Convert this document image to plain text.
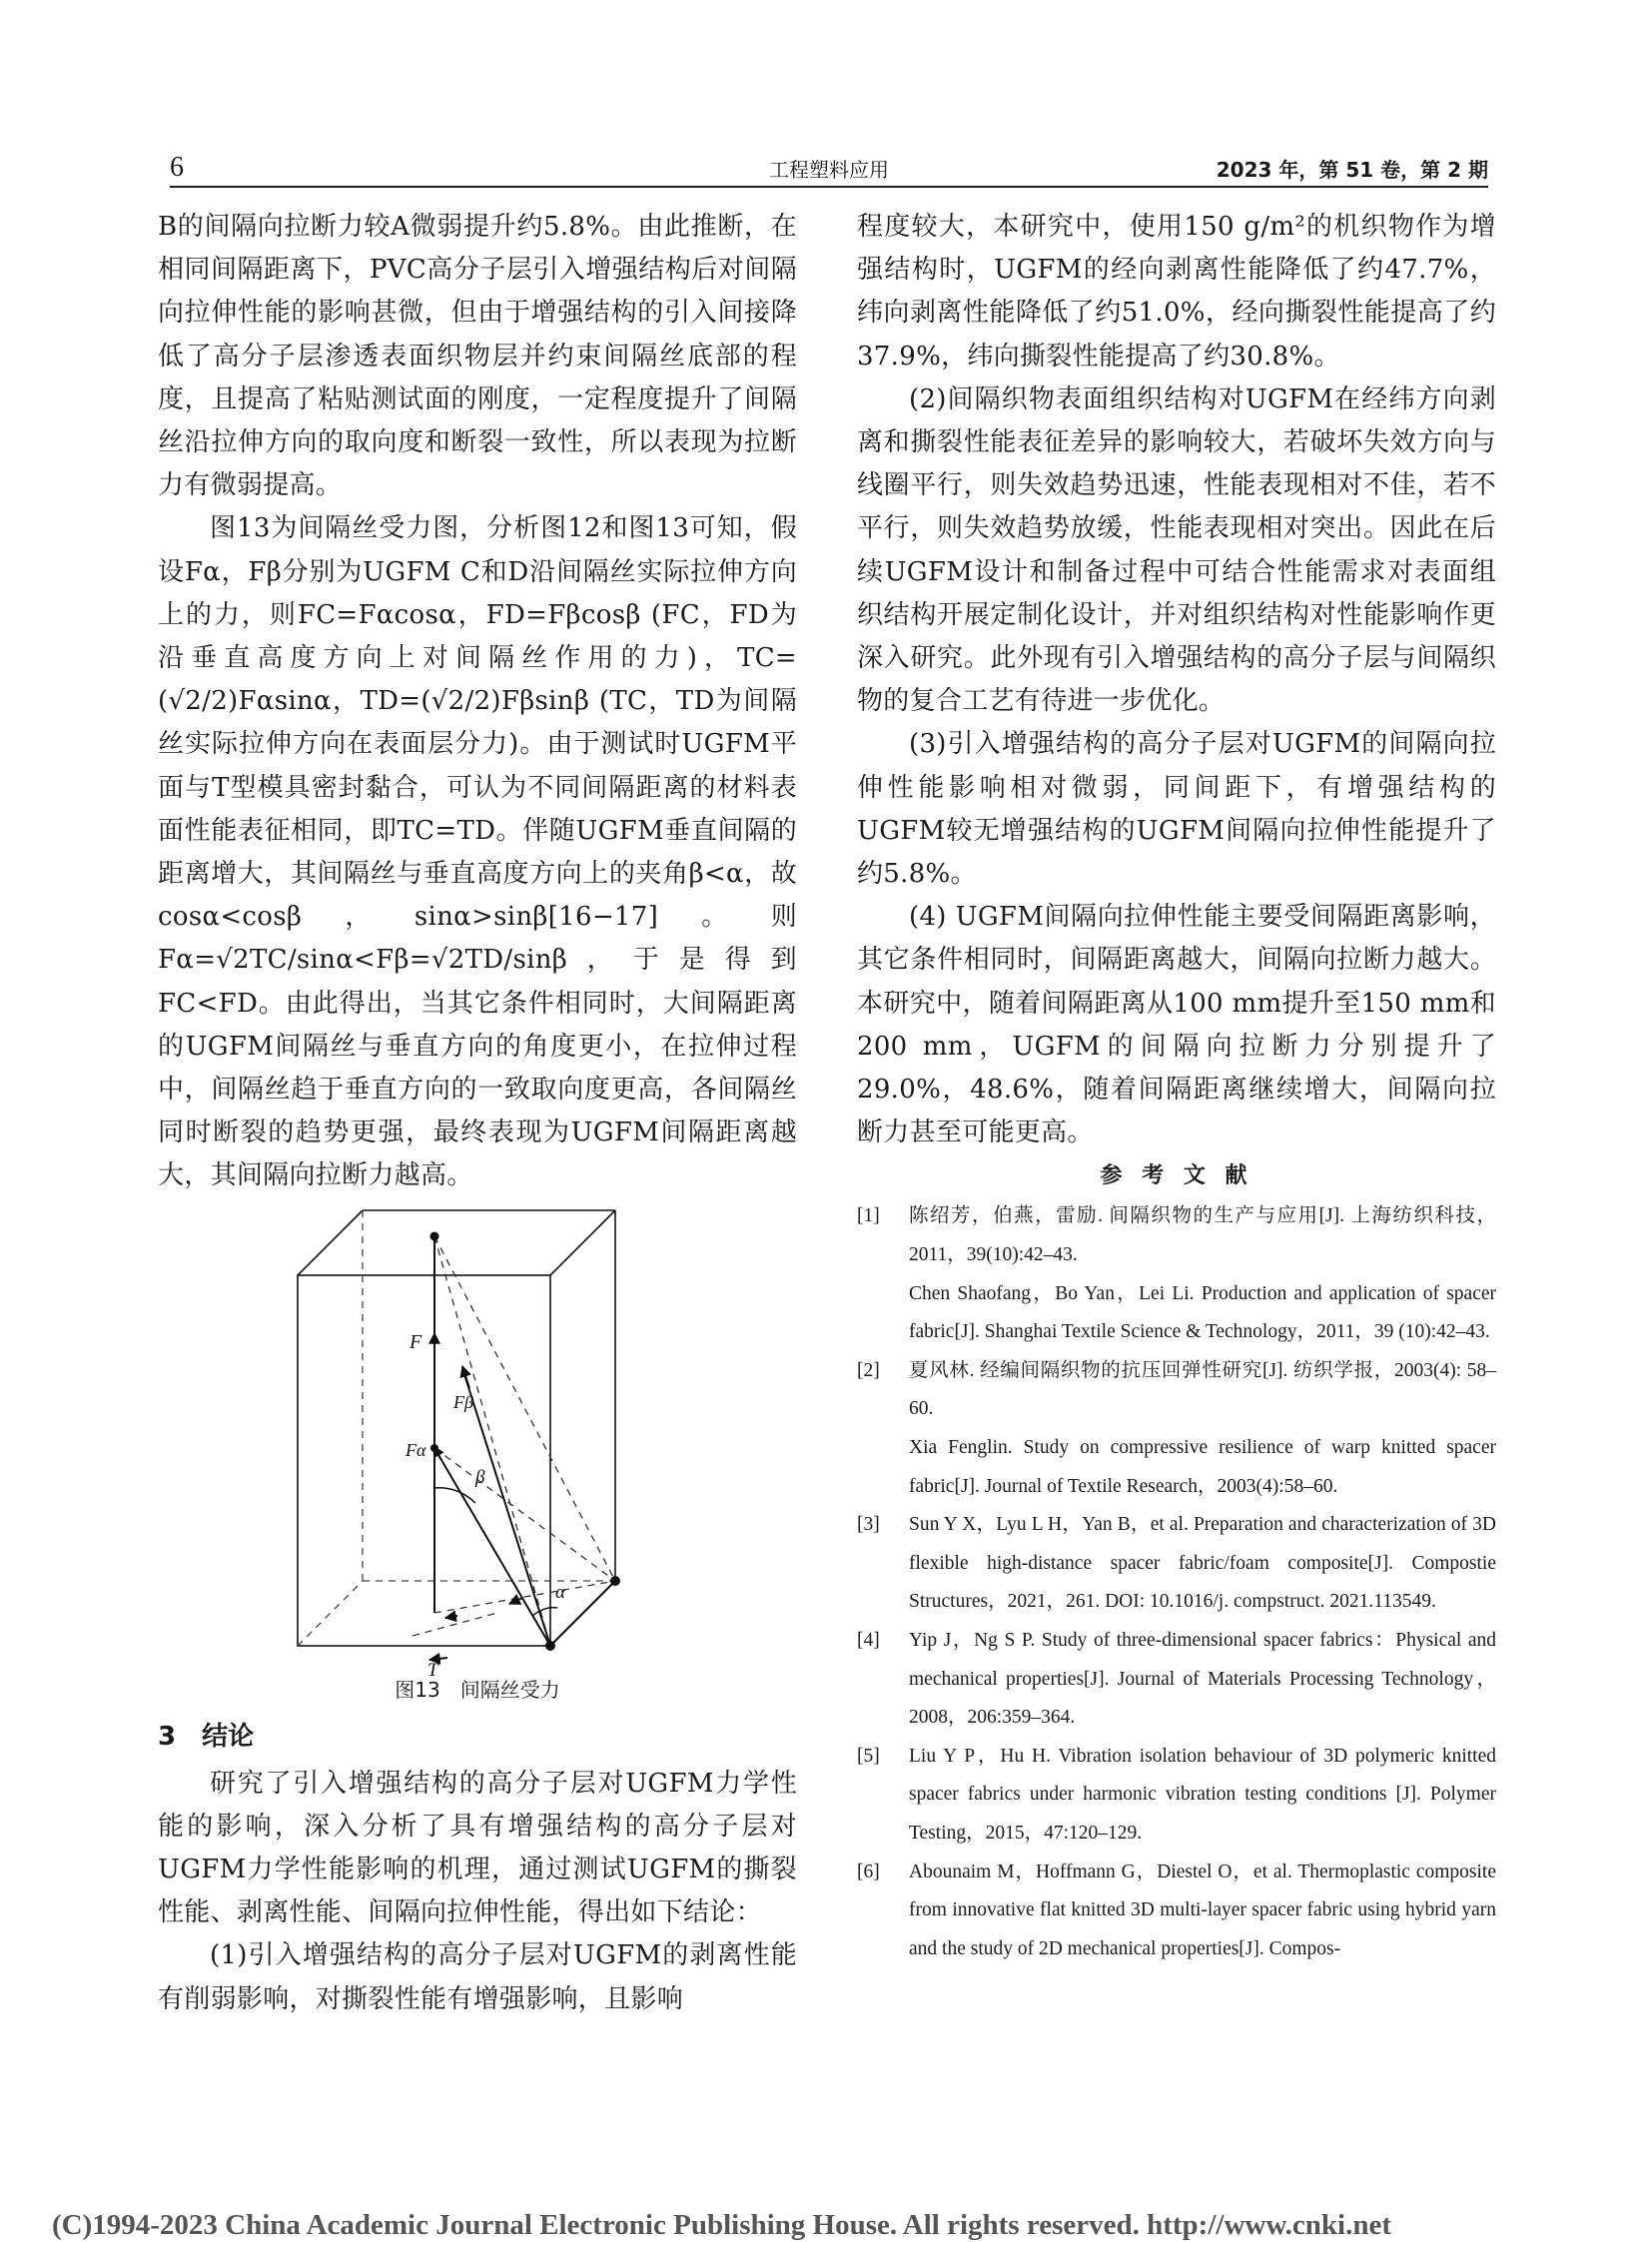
6	工程塑料应用	2023 年，第 51 卷，第 2 期

B的间隔向拉断力较A微弱提升约5.8%。由此推断，在相同间隔距离下，PVC高分子层引入增强结构后对间隔向拉伸性能的影响甚微，但由于增强结构的引入间接降低了高分子层渗透表面织物层并约束间隔丝底部的程度，且提高了粘贴测试面的刚度，一定程度提升了间隔丝沿拉伸方向的取向度和断裂一致性，所以表现为拉断力有微弱提高。

图13为间隔丝受力图，分析图12和图13可知，假设Fα，Fβ分别为UGFM C和D沿间隔丝实际拉伸方向上的力，则FC=Fαcosα，FD=Fβcosβ (FC，FD为沿垂直高度方向上对间隔丝作用的力)，TC=(√2/2)Fαsinα，TD=(√2/2)Fβsinβ (TC，TD为间隔丝实际拉伸方向在表面层分力)。由于测试时UGFM平面与T型模具密封黏合，可认为不同间隔距离的材料表面性能表征相同，即TC=TD。伴随UGFM垂直间隔的距离增大，其间隔丝与垂直高度方向上的夹角β<α，故cosα<cosβ，sinα>sinβ[16−17]。则Fα=√2TC/sinα<Fβ=√2TD/sinβ，于是得到FC<FD。由此得出，当其它条件相同时，大间隔距离的UGFM间隔丝与垂直方向的角度更小，在拉伸过程中，间隔丝趋于垂直方向的一致取向度更高，各间隔丝同时断裂的趋势更强，最终表现为UGFM间隔距离越大，其间隔向拉断力越高。

F
Fβ
Fα
β
α
T
图13　间隔丝受力
3　结论

研究了引入增强结构的高分子层对UGFM力学性能的影响，深入分析了具有增强结构的高分子层对UGFM力学性能影响的机理，通过测试UGFM的撕裂性能、剥离性能、间隔向拉伸性能，得出如下结论：

(1)引入增强结构的高分子层对UGFM的剥离性能有削弱影响，对撕裂性能有增强影响，且影响

程度较大，本研究中，使用150 g/m²的机织物作为增强结构时，UGFM的经向剥离性能降低了约47.7%，纬向剥离性能降低了约51.0%，经向撕裂性能提高了约37.9%，纬向撕裂性能提高了约30.8%。

(2)间隔织物表面组织结构对UGFM在经纬方向剥离和撕裂性能表征差异的影响较大，若破坏失效方向与线圈平行，则失效趋势迅速，性能表现相对不佳，若不平行，则失效趋势放缓，性能表现相对突出。因此在后续UGFM设计和制备过程中可结合性能需求对表面组织结构开展定制化设计，并对组织结构对性能影响作更深入研究。此外现有引入增强结构的高分子层与间隔织物的复合工艺有待进一步优化。

(3)引入增强结构的高分子层对UGFM的间隔向拉伸性能影响相对微弱，同间距下，有增强结构的UGFM较无增强结构的UGFM间隔向拉伸性能提升了约5.8%。

(4) UGFM间隔向拉伸性能主要受间隔距离影响，其它条件相同时，间隔距离越大，间隔向拉断力越大。本研究中，随着间隔距离从100 mm提升至150 mm和200 mm，UGFM的间隔向拉断力分别提升了29.0%，48.6%，随着间隔距离继续增大，间隔向拉断力甚至可能更高。

参 考 文 献
[1] 陈绍芳，伯燕，雷励. 间隔织物的生产与应用[J]. 上海纺织科技，2011，39(10):42–43.
Chen Shaofang，Bo Yan，Lei Li. Production and application of spacer fabric[J]. Shanghai Textile Science & Technology，2011，39 (10):42–43.
[2] 夏风林. 经编间隔织物的抗压回弹性研究[J]. 纺织学报，2003(4): 58–60.
Xia Fenglin. Study on compressive resilience of warp knitted spacer fabric[J]. Journal of Textile Research，2003(4):58–60.
[3] Sun Y X，Lyu L H，Yan B，et al. Preparation and characterization of 3D flexible high-distance spacer fabric/foam composite[J]. Compostie Structures，2021，261. DOI: 10.1016/j. compstruct. 2021.113549.
[4] Yip J，Ng S P. Study of three-dimensional spacer fabrics：Physical and mechanical properties[J]. Journal of Materials Processing Technology，2008，206:359–364.
[5] Liu Y P，Hu H. Vibration isolation behaviour of 3D polymeric knitted spacer fabrics under harmonic vibration testing conditions [J]. Polymer Testing，2015，47:120–129.
[6] Abounaim M，Hoffmann G，Diestel O，et al. Thermoplastic composite from innovative flat knitted 3D multi-layer spacer fabric using hybrid yarn and the study of 2D mechanical properties[J]. Compos-
(C)1994-2023 China Academic Journal Electronic Publishing House. All rights reserved. http://www.cnki.net
